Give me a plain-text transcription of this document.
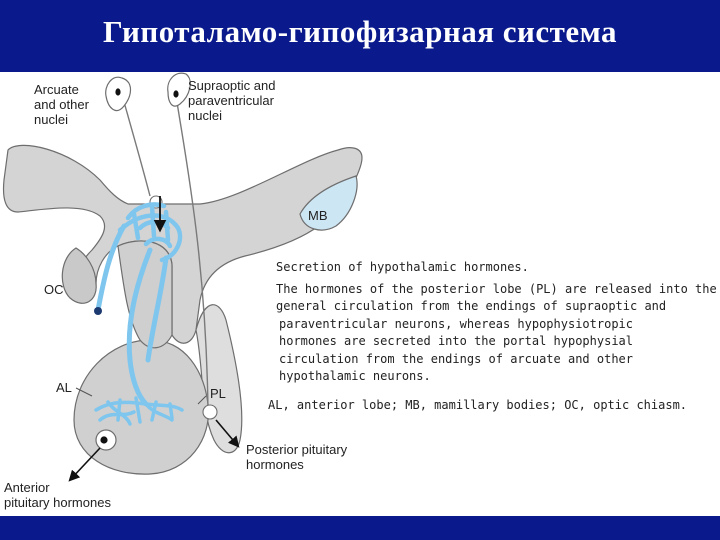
Гипоталамо-гипофизарная система
Arcuate
and other
nuclei
Supraoptic and
paraventricular
nuclei
MB
OC
AL	PL
Posterior pituitary
hormones
Anterior
pituitary hormones
Secretion of hypothalamic hormones.
The hormones of the posterior lobe (PL) are released into the
general circulation from the endings of supraoptic and
paraventricular neurons, whereas hypophysiotropic
hormones are secreted into the portal hypophysial
circulation from the endings of arcuate and other
hypothalamic neurons.
AL, anterior lobe; MB, mamillary bodies; OC, optic chiasm.
